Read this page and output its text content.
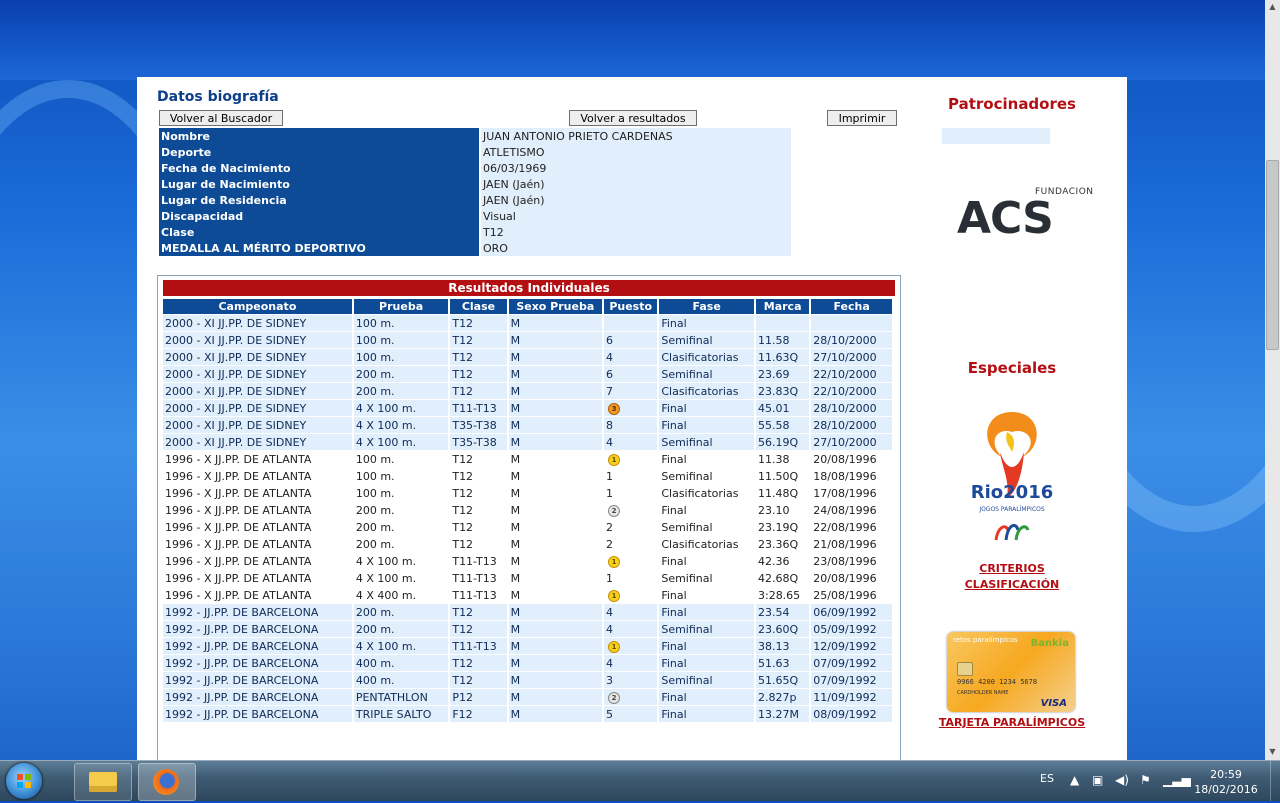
Datos biografía
Volver al Buscador	Volver a resultados	Imprimir
Nombre	JUAN ANTONIO PRIETO CARDENAS	

Deporte	ATLETISMO	

Fecha de Nacimiento	06/03/1969	

Lugar de Nacimiento	JAEN (Jaén)	

Lugar de Residencia	JAEN (Jaén)	

Discapacidad	Visual	

Clase	T12	

MEDALLA AL MÉRITO DEPORTIVO	ORO	
Resultados Individuales
Campeonato	Prueba	Clase	Sexo Prueba	Puesto	Fase	Marca	Fecha
2000 - XI JJ.PP. DE SIDNEY	100 m.	T12	M		Final		
2000 - XI JJ.PP. DE SIDNEY	100 m.	T12	M	6	Semifinal	11.58	28/10/2000
2000 - XI JJ.PP. DE SIDNEY	100 m.	T12	M	4	Clasificatorias	11.63Q	27/10/2000
2000 - XI JJ.PP. DE SIDNEY	200 m.	T12	M	6	Semifinal	23.69	22/10/2000
2000 - XI JJ.PP. DE SIDNEY	200 m.	T12	M	7	Clasificatorias	23.83Q	22/10/2000
2000 - XI JJ.PP. DE SIDNEY	4 X 100 m.	T11-T13	M	3	Final	45.01	28/10/2000
2000 - XI JJ.PP. DE SIDNEY	4 X 100 m.	T35-T38	M	8	Final	55.58	28/10/2000
2000 - XI JJ.PP. DE SIDNEY	4 X 100 m.	T35-T38	M	4	Semifinal	56.19Q	27/10/2000
1996 - X JJ.PP. DE ATLANTA	100 m.	T12	M	1	Final	11.38	20/08/1996
1996 - X JJ.PP. DE ATLANTA	100 m.	T12	M	1	Semifinal	11.50Q	18/08/1996
1996 - X JJ.PP. DE ATLANTA	100 m.	T12	M	1	Clasificatorias	11.48Q	17/08/1996
1996 - X JJ.PP. DE ATLANTA	200 m.	T12	M	2	Final	23.10	24/08/1996
1996 - X JJ.PP. DE ATLANTA	200 m.	T12	M	2	Semifinal	23.19Q	22/08/1996
1996 - X JJ.PP. DE ATLANTA	200 m.	T12	M	2	Clasificatorias	23.36Q	21/08/1996
1996 - X JJ.PP. DE ATLANTA	4 X 100 m.	T11-T13	M	1	Final	42.36	23/08/1996
1996 - X JJ.PP. DE ATLANTA	4 X 100 m.	T11-T13	M	1	Semifinal	42.68Q	20/08/1996
1996 - X JJ.PP. DE ATLANTA	4 X 400 m.	T11-T13	M	1	Final	3:28.65	25/08/1996
1992 - JJ.PP. DE BARCELONA	200 m.	T12	M	4	Final	23.54	06/09/1992
1992 - JJ.PP. DE BARCELONA	200 m.	T12	M	4	Semifinal	23.60Q	05/09/1992
1992 - JJ.PP. DE BARCELONA	4 X 100 m.	T11-T13	M	1	Final	38.13	12/09/1992
1992 - JJ.PP. DE BARCELONA	400 m.	T12	M	4	Final	51.63	07/09/1992
1992 - JJ.PP. DE BARCELONA	400 m.	T12	M	3	Semifinal	51.65Q	07/09/1992
1992 - JJ.PP. DE BARCELONA	PENTATHLON	P12	M	2	Final	2.827p	11/09/1992
1992 - JJ.PP. DE BARCELONA	TRIPLE SALTO	F12	M	5	Final	13.27M	08/09/1992
Patrocinadores
FUNDACION
ACS
Especiales
Rio2016
JOGOS PARALÍMPICOS
CRITERIOS
CLASIFICACIÓN
retos paralímpicos Bankia
0966 4200 1234 5678
CARDHOLDER NAME
VISA
TARJETA PARALÍMPICOS
▲
▼
ES ▲ ▣ ◀) ⚑ ▁▃▅	20:59
18/02/2016
